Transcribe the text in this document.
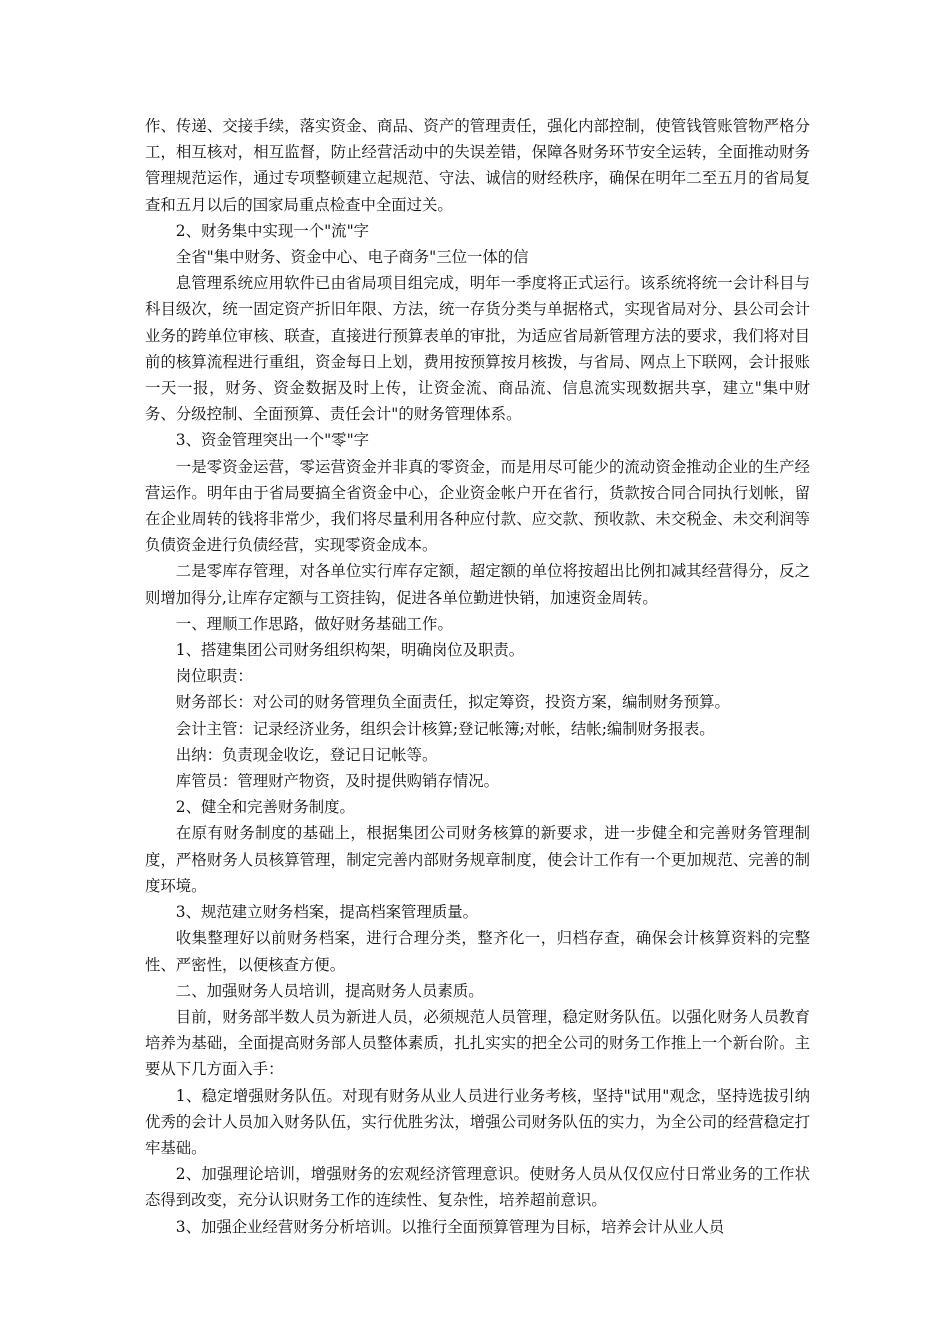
作、传递、交接手续，落实资金、商品、资产的管理责任，强化内部控制，使管钱管账管物严格分工，相互核对，相互监督，防止经营活动中的失误差错，保障各财务环节安全运转，全面推动财务管理规范运作，通过专项整顿建立起规范、守法、诚信的财经秩序，确保在明年二至五月的省局复查和五月以后的国家局重点检查中全面过关。

2、财务集中实现一个"流"字

全省"集中财务、资金中心、电子商务"三位一体的信

息管理系统应用软件已由省局项目组完成，明年一季度将正式运行。该系统将统一会计科目与科目级次，统一固定资产折旧年限、方法，统一存货分类与单据格式，实现省局对分、县公司会计业务的跨单位审核、联查，直接进行预算表单的审批，为适应省局新管理方法的要求，我们将对目前的核算流程进行重组，资金每日上划，费用按预算按月核拨，与省局、网点上下联网，会计报账一天一报，财务、资金数据及时上传，让资金流、商品流、信息流实现数据共享，建立"集中财务、分级控制、全面预算、责任会计"的财务管理体系。

3、资金管理突出一个"零"字

一是零资金运营，零运营资金并非真的零资金，而是用尽可能少的流动资金推动企业的生产经营运作。明年由于省局要搞全省资金中心，企业资金帐户开在省行，货款按合同合同执行划帐，留在企业周转的钱将非常少，我们将尽量利用各种应付款、应交款、预收款、未交税金、未交利润等负债资金进行负债经营，实现零资金成本。

二是零库存管理，对各单位实行库存定额，超定额的单位将按超出比例扣减其经营得分，反之则增加得分,让库存定额与工资挂钩，促进各单位勤进快销，加速资金周转。

一、理顺工作思路，做好财务基础工作。

1、搭建集团公司财务组织构架，明确岗位及职责。

岗位职责：

财务部长：对公司的财务管理负全面责任，拟定筹资，投资方案，编制财务预算。

会计主管：记录经济业务，组织会计核算;登记帐簿;对帐，结帐;编制财务报表。

出纳：负责现金收讫，登记日记帐等。

库管员：管理财产物资，及时提供购销存情况。

2、健全和完善财务制度。

在原有财务制度的基础上，根据集团公司财务核算的新要求，进一步健全和完善财务管理制度，严格财务人员核算管理，制定完善内部财务规章制度，使会计工作有一个更加规范、完善的制度环境。

3、规范建立财务档案，提高档案管理质量。

收集整理好以前财务档案，进行合理分类，整齐化一，归档存查，确保会计核算资料的完整性、严密性，以便核查方便。

二、加强财务人员培训，提高财务人员素质。

目前，财务部半数人员为新进人员，必须规范人员管理，稳定财务队伍。以强化财务人员教育培养为基础，全面提高财务部人员整体素质，扎扎实实的把全公司的财务工作推上一个新台阶。主要从下几方面入手：

1、稳定增强财务队伍。对现有财务从业人员进行业务考核，坚持"试用"观念，坚持选拔引纳优秀的会计人员加入财务队伍，实行优胜劣汰，增强公司财务队伍的实力，为全公司的经营稳定打牢基础。

2、加强理论培训，增强财务的宏观经济管理意识。使财务人员从仅仅应付日常业务的工作状态得到改变，充分认识财务工作的连续性、复杂性，培养超前意识。

3、加强企业经营财务分析培训。以推行全面预算管理为目标，培养会计从业人员
